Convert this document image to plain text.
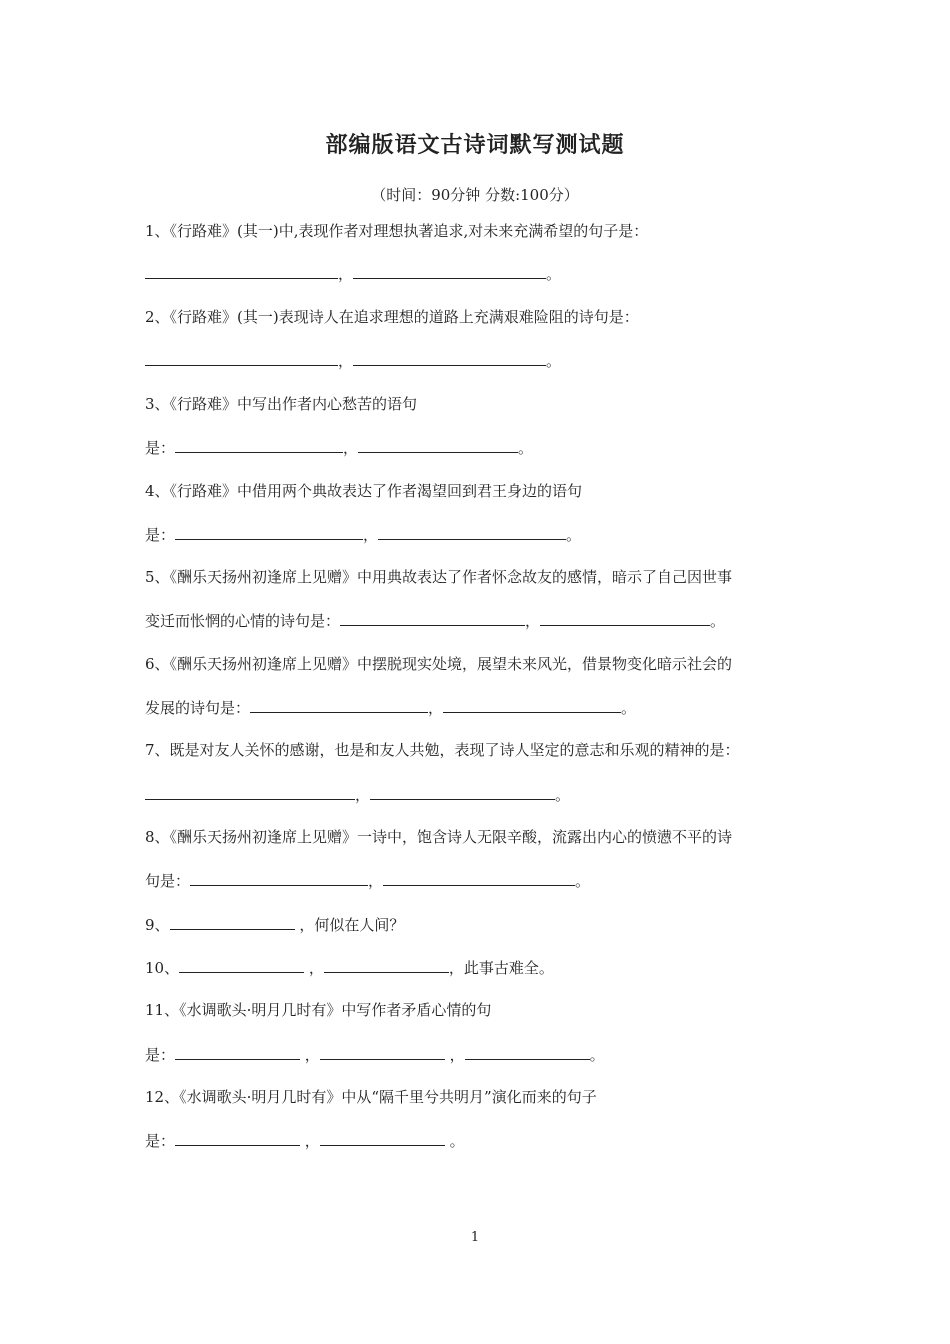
部编版语文古诗词默写测试题
（时间：90分钟 分数:100分）
1、《行路难》(其一)中,表现作者对理想执著追求,对未来充满希望的句子是：
，	。
2、《行路难》(其一)表现诗人在追求理想的道路上充满艰难险阻的诗句是：
，	。
3、《行路难》中写出作者内心愁苦的语句
是：	，	。
4、《行路难》中借用两个典故表达了作者渴望回到君王身边的语句
是：	，	。
5、《酬乐天扬州初逢席上见赠》中用典故表达了作者怀念故友的感情，暗示了自己因世事
变迁而怅惘的心情的诗句是：	，	。
6、《酬乐天扬州初逢席上见赠》中摆脱现实处境，展望未来风光，借景物变化暗示社会的
发展的诗句是：	，	。
7、既是对友人关怀的感谢，也是和友人共勉，表现了诗人坚定的意志和乐观的精神的是：
，	。
8、《酬乐天扬州初逢席上见赠》一诗中，饱含诗人无限辛酸，流露出内心的愤懑不平的诗
句是：	，	。
9、	，何似在人间？
10、	，	，此事古难全。
11、《水调歌头·明月几时有》中写作者矛盾心情的句
是：	，	，	。
12、《水调歌头·明月几时有》中从“隔千里兮共明月”演化而来的句子
是：	，	。
1
